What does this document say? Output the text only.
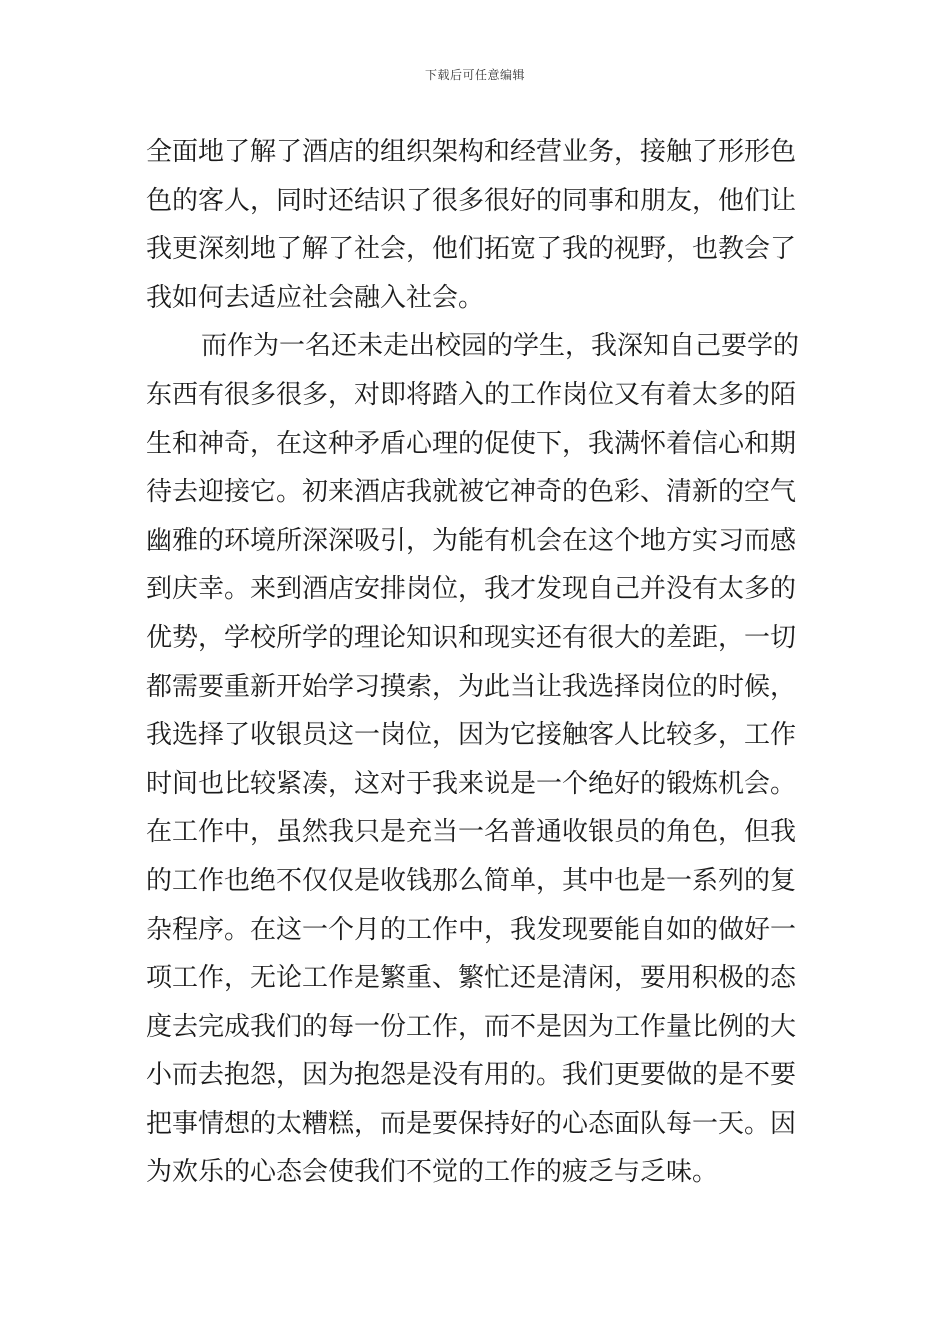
下载后可任意编辑
全面地了解了酒店的组织架构和经营业务，接触了形形色
色的客人，同时还结识了很多很好的同事和朋友，他们让
我更深刻地了解了社会，他们拓宽了我的视野，也教会了
我如何去适应社会融入社会。
而作为一名还未走出校园的学生，我深知自己要学的
东西有很多很多，对即将踏入的工作岗位又有着太多的陌
生和神奇，在这种矛盾心理的促使下，我满怀着信心和期
待去迎接它。初来酒店我就被它神奇的色彩、清新的空气
幽雅的环境所深深吸引，为能有机会在这个地方实习而感
到庆幸。来到酒店安排岗位，我才发现自己并没有太多的
优势，学校所学的理论知识和现实还有很大的差距，一切
都需要重新开始学习摸索，为此当让我选择岗位的时候，
我选择了收银员这一岗位，因为它接触客人比较多，工作
时间也比较紧凑，这对于我来说是一个绝好的锻炼机会。
在工作中，虽然我只是充当一名普通收银员的角色，但我
的工作也绝不仅仅是收钱那么简单，其中也是一系列的复
杂程序。在这一个月的工作中，我发现要能自如的做好一
项工作，无论工作是繁重、繁忙还是清闲，要用积极的态
度去完成我们的每一份工作，而不是因为工作量比例的大
小而去抱怨，因为抱怨是没有用的。我们更要做的是不要
把事情想的太糟糕，而是要保持好的心态面队每一天。因
为欢乐的心态会使我们不觉的工作的疲乏与乏味。
